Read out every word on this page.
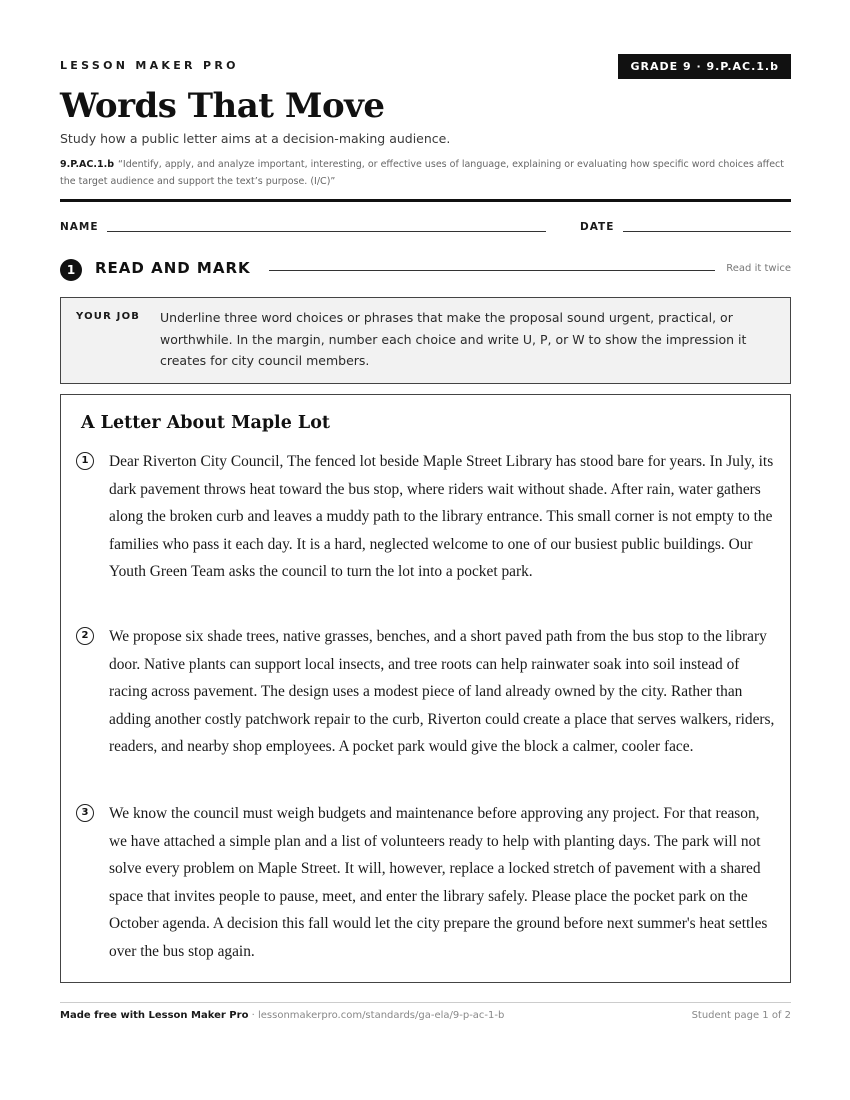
LESSON MAKER PRO	GRADE 9 · 9.P.AC.1.b
Words That Move
Study how a public letter aims at a decision-making audience.
9.P.AC.1.b “Identify, apply, and analyze important, interesting, or effective uses of language, explaining or evaluating how specific word choices affect the target audience and support the text’s purpose. (I/C)”
NAME	DATE
1	READ AND MARK	Read it twice
YOUR JOB Underline three word choices or phrases that make the proposal sound urgent, practical, or worthwhile. In the margin, number each choice and write U, P, or W to show the impression it creates for city council members.
A Letter About Maple Lot
1	Dear Riverton City Council, The fenced lot beside Maple Street Library has stood bare for years. In July, its dark pavement throws heat toward the bus stop, where riders wait without shade. After rain, water gathers along the broken curb and leaves a muddy path to the library entrance. This small corner is not empty to the families who pass it each day. It is a hard, neglected welcome to one of our busiest public buildings. Our Youth Green Team asks the council to turn the lot into a pocket park.

2	We propose six shade trees, native grasses, benches, and a short paved path from the bus stop to the library door. Native plants can support local insects, and tree roots can help rainwater soak into soil instead of racing across pavement. The design uses a modest piece of land already owned by the city. Rather than adding another costly patchwork repair to the curb, Riverton could create a place that serves walkers, riders, readers, and nearby shop employees. A pocket park would give the block a calmer, cooler face.

3	We know the council must weigh budgets and maintenance before approving any project. For that reason, we have attached a simple plan and a list of volunteers ready to help with planting days. The park will not solve every problem on Maple Street. It will, however, replace a locked stretch of pavement with a shared space that invites people to pause, meet, and enter the library safely. Please place the pocket park on the October agenda. A decision this fall would let the city prepare the ground before next summer's heat settles over the bus stop again.

Made free with Lesson Maker Pro · lessonmakerpro.com/standards/ga-ela/9-p-ac-1-b	Student page 1 of 2
